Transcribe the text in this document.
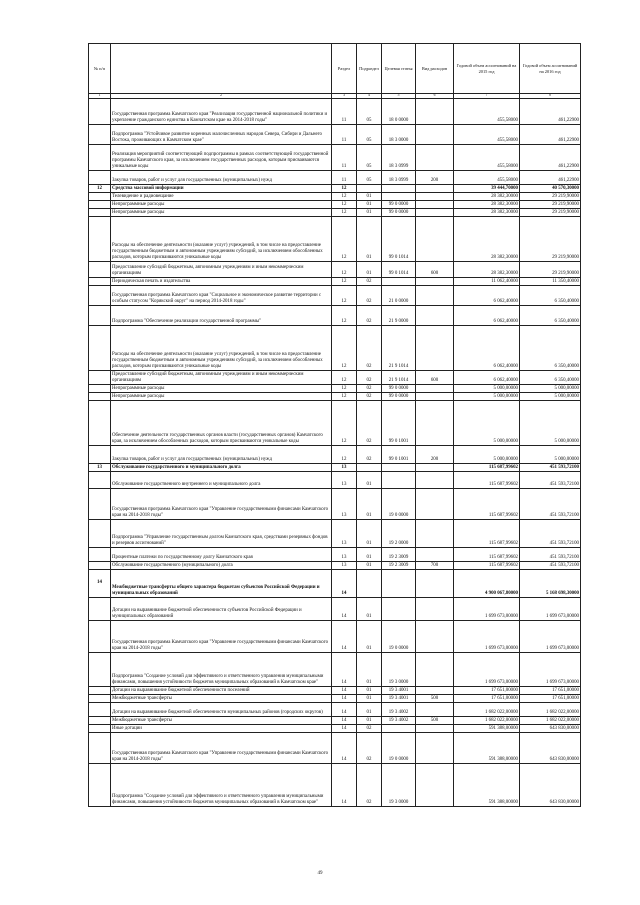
№ п/п		Раздел	Подраздел	Целевая статья	Вид расходов	Годовой объем ассигнований на 2015 год	Годовой объем ассигнований на 2016 год
1	2	3	4	5	6	7	8
	Государственная программа Камчатского края "Реализация государственной национальной политики и укрепление гражданского единства в Камчатском крае на 2014-2018 годы"	11	05	18 0 0000		455,58000	461,22900
	Подпрограмма "Устойчивое развитие коренных малочисленных народов Севера, Сибири и Дальнего Востока, проживающих в Камчатском крае"	11	05	18 3 0000		455,58000	461,22900
	Реализация мероприятий соответствующей подпрограммы в рамках соответствующей государственной программы Камчатского края, за исключением государственных расходов, которым присваиваются уникальные коды	11	05	18 3 0999		455,58000	461,22900
	Закупка товаров, работ и услуг для государственных (муниципальных) нужд	11	05	18 3 0999	200	455,58000	461,22900
12	Средства массовой информации	12				39 444,70000	40 570,30000
	Телевидение и радиовещание	12	01			28 382,30000	29 219,90000
	Непрограммные расходы	12	01	99 0 0000		28 382,30000	29 219,90000
	Непрограммные расходы	12	01	99 0 0000		28 382,30000	29 219,90000
	Расходы на обеспечение деятельности (оказание услуг) учреждений, в том числе на предоставление государственным бюджетным и автономным учреждениям субсидий, за исключением обособленных расходов, которым присваиваются уникальные коды	12	01	99 0 1014		28 382,30000	29 219,90000
	Предоставление субсидий бюджетным, автономным учреждениям и иным некоммерческим организациям	12	01	99 0 1014	600	28 382,30000	29 219,90000
	Периодическая печать и издательства	12	02			11 062,40000	11 350,40000
	Государственная программа Камчатского края "Социальное и экономическое развитие территории с особым статусом "Корякский округ" на период 2014-2018 годы"	12	02	21 0 0000		6 062,40000	6 350,40000
	Подпрограмма "Обеспечение реализации государственной программы"	12	02	21 9 0000		6 062,40000	6 350,40000
	Расходы на обеспечение деятельности (оказание услуг) учреждений, в том числе на предоставление государственным бюджетным и автономным учреждениям субсидий, за исключением обособленных расходов, которым присваиваются уникальные коды	12	02	21 9 1014		6 062,40000	6 350,40000
	Предоставление субсидий бюджетным, автономным учреждениям и иным некоммерческим организациям	12	02	21 9 1014	600	6 062,40000	6 350,40000
	Непрограммные расходы	12	02	99 0 0000		5 000,00000	5 000,00000
	Непрограммные расходы	12	02	99 0 0000		5 000,00000	5 000,00000
	Обеспечение деятельности государственных органов власти (государственных органов) Камчатского края, за исключением обособленных расходов, которым присваиваются уникальные коды	12	02	99 0 1001		5 000,00000	5 000,00000
	Закупка товаров, работ и услуг для государственных (муниципальных) нужд	12	02	99 0 1001	200	5 000,00000	5 000,00000
13	Обслуживание государственного и муниципального долга	13				115 687,99602	451 593,72100
	Обслуживание государственного внутреннего и муниципального долга	13	01			115 687,99602	451 593,72100
	Государственная программа Камчатского края "Управление государственными финансами Камчатского края на 2014-2018 годы"	13	01	19 0 0000		115 687,99602	451 593,72100
	Подпрограмма "Управление государственным долгом Камчатского края, средствами резервных фондов и резервов ассигнований"	13	01	19 2 0000		115 687,99602	451 593,72100
	Процентные платежи по государственному долгу Камчатского края	13	01	19 2 3009		115 687,99602	451 593,72100
	Обслуживание государственного (муниципального) долга	13	01	19 2 3009	700	115 687,99602	451 593,72100
14	Межбюджетные трансферты общего характера бюджетам субъектов Российской Федерации и муниципальных образований	14				4 900 067,80000	5 168 698,30000
	Дотации на выравнивание бюджетной обеспеченности субъектов Российской Федерации и муниципальных образований	14	01			1 699 673,00000	1 699 673,00000
	Государственная программа Камчатского края "Управление государственными финансами Камчатского края на 2014-2018 годы"	14	01	19 0 0000		1 699 673,00000	1 699 673,00000
	Подпрограмма "Создание условий для эффективного и ответственного управления муниципальными финансами, повышения устойчивости бюджетов муниципальных образований в Камчатском крае"	14	01	19 3 0000		1 699 673,00000	1 699 673,00000
	Дотации на выравнивание бюджетной обеспеченности поселений	14	01	19 3 4001		17 651,00000	17 651,00000
	Межбюджетные трансферты	14	01	19 3 4001	500	17 651,00000	17 651,00000
	Дотации на выравнивание бюджетной обеспеченности муниципальных районов (городских округов)	14	01	19 3 4002		1 682 022,00000	1 682 022,00000
	Межбюджетные трансферты	14	01	19 3 4002	500	1 682 022,00000	1 682 022,00000
	Иные дотации	14	02			591 388,00000	643 830,00000
	Государственная программа Камчатского края "Управление государственными финансами Камчатского края на 2014-2018 годы"	14	02	19 0 0000		591 388,00000	643 830,00000
	Подпрограмма "Создание условий для эффективного и ответственного управления муниципальными финансами, повышения устойчивости бюджетов муниципальных образований в Камчатском крае"	14	02	19 3 0000		591 388,00000	643 830,00000
49
